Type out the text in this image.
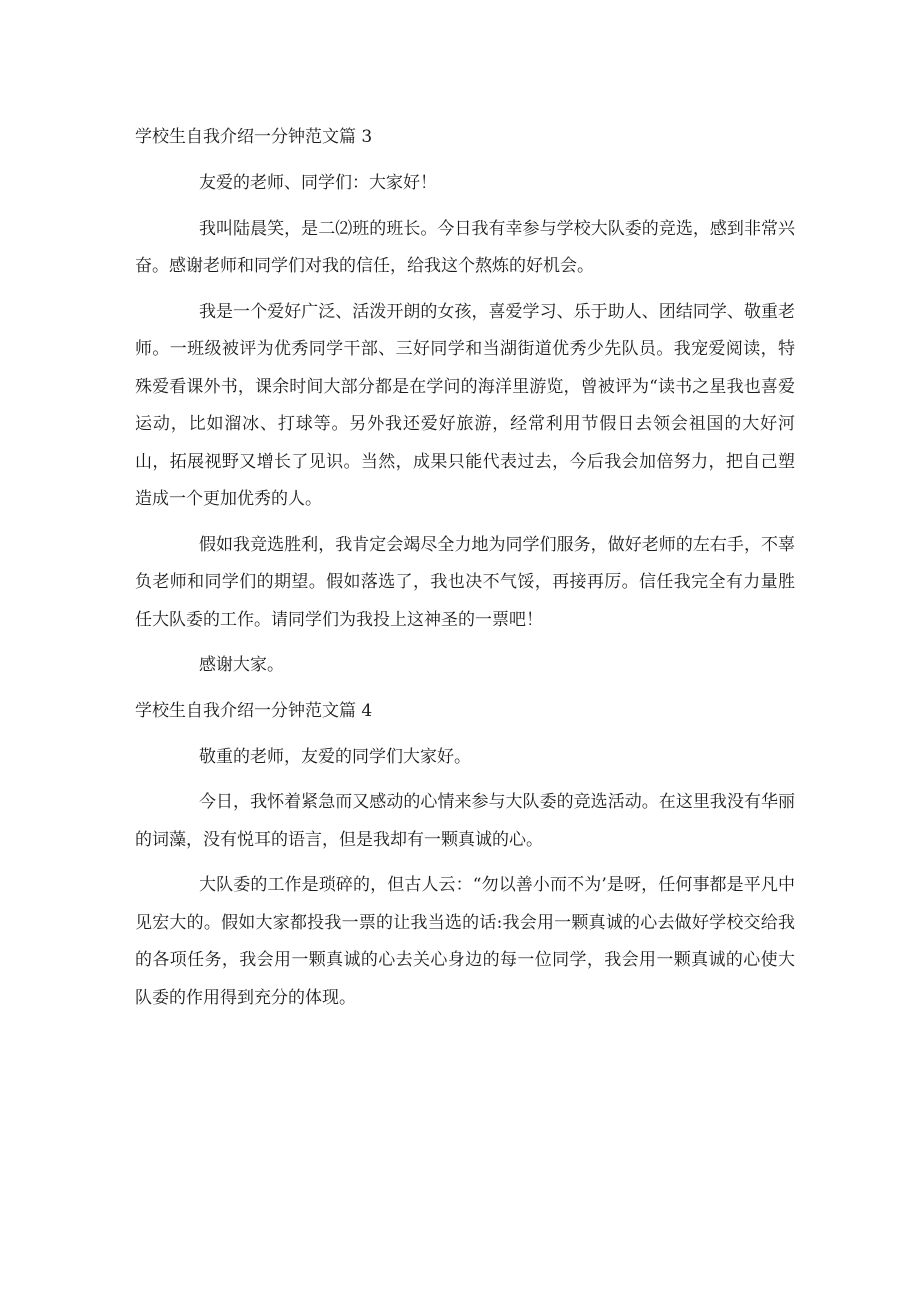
学校生自我介绍一分钟范文篇 3

友爱的老师、同学们：大家好！

我叫陆晨笑，是二⑵班的班长。今日我有幸参与学校大队委的竞选，感到非常兴奋。感谢老师和同学们对我的信任，给我这个熬炼的好机会。

我是一个爱好广泛、活泼开朗的女孩，喜爱学习、乐于助人、团结同学、敬重老师。一班级被评为优秀同学干部、三好同学和当湖街道优秀少先队员。我宠爱阅读，特殊爱看课外书，课余时间大部分都是在学问的海洋里游览，曾被评为“读书之星我也喜爱运动，比如溜冰、打球等。另外我还爱好旅游，经常利用节假日去领会祖国的大好河山，拓展视野又增长了见识。当然，成果只能代表过去，今后我会加倍努力，把自己塑造成一个更加优秀的人。

假如我竞选胜利，我肯定会竭尽全力地为同学们服务，做好老师的左右手，不辜负老师和同学们的期望。假如落选了，我也决不气馁，再接再厉。信任我完全有力量胜任大队委的工作。请同学们为我投上这神圣的一票吧！

感谢大家。

学校生自我介绍一分钟范文篇 4

敬重的老师，友爱的同学们大家好。

今日，我怀着紧急而又感动的心情来参与大队委的竞选活动。在这里我没有华丽的词藻，没有悦耳的语言，但是我却有一颗真诚的心。

大队委的工作是琐碎的，但古人云：“勿以善小而不为’是呀，任何事都是平凡中见宏大的。假如大家都投我一票的让我当选的话:我会用一颗真诚的心去做好学校交给我的各项任务，我会用一颗真诚的心去关心身边的每一位同学，我会用一颗真诚的心使大队委的作用得到充分的体现。
